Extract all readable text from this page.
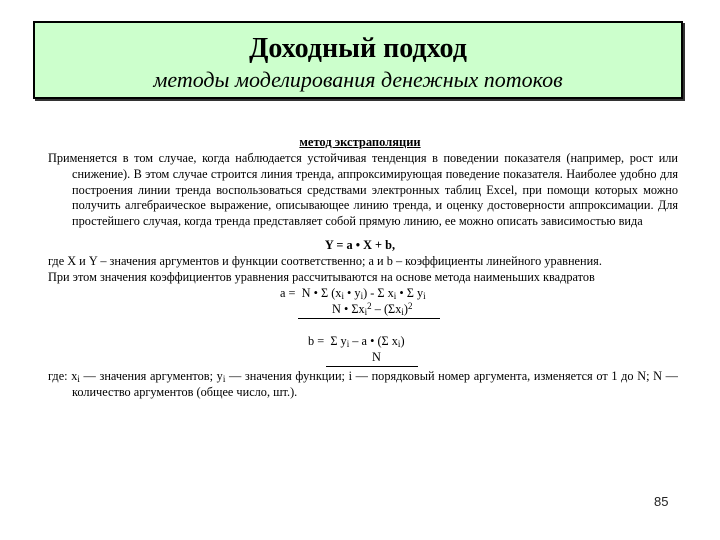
Доходный подход
методы моделирования денежных потоков
метод экстраполяции
Применяется в том случае, когда наблюдается устойчивая тенденция в поведении показателя (например, рост или снижение). В этом случае строится линия тренда, аппроксимирующая поведение показателя. Наиболее удобно для построения линии тренда воспользоваться средствами электронных таблиц Excel, при помощи которых можно получить алгебраическое выражение, описывающее линию тренда, и оценку достоверности аппроксимации. Для простейшего случая, когда тренда представляет собой прямую линию, ее можно описать зависимостью вида
Y = a • X + b,
где X и Y – значения аргументов и функции соответственно; а и b – коэффициенты линейного уравнения.
При этом значения коэффициентов уравнения рассчитываются на основе метода наименьших квадратов
a = N • Σ ($x_i$ • $y_i$) - Σ $x_i$ • Σ $y_i$
N • $\Sigma x_i^2 - (\Sigma x_i)^2$
b = Σ $y_i$ – a • (Σ $x_i$)
N
где: $x_i$ — значения аргументов; $y_i$ — значения функции; i — порядковый номер аргумента, изменяется от 1 до N; N — количество аргументов (общее число, шт.).
85
